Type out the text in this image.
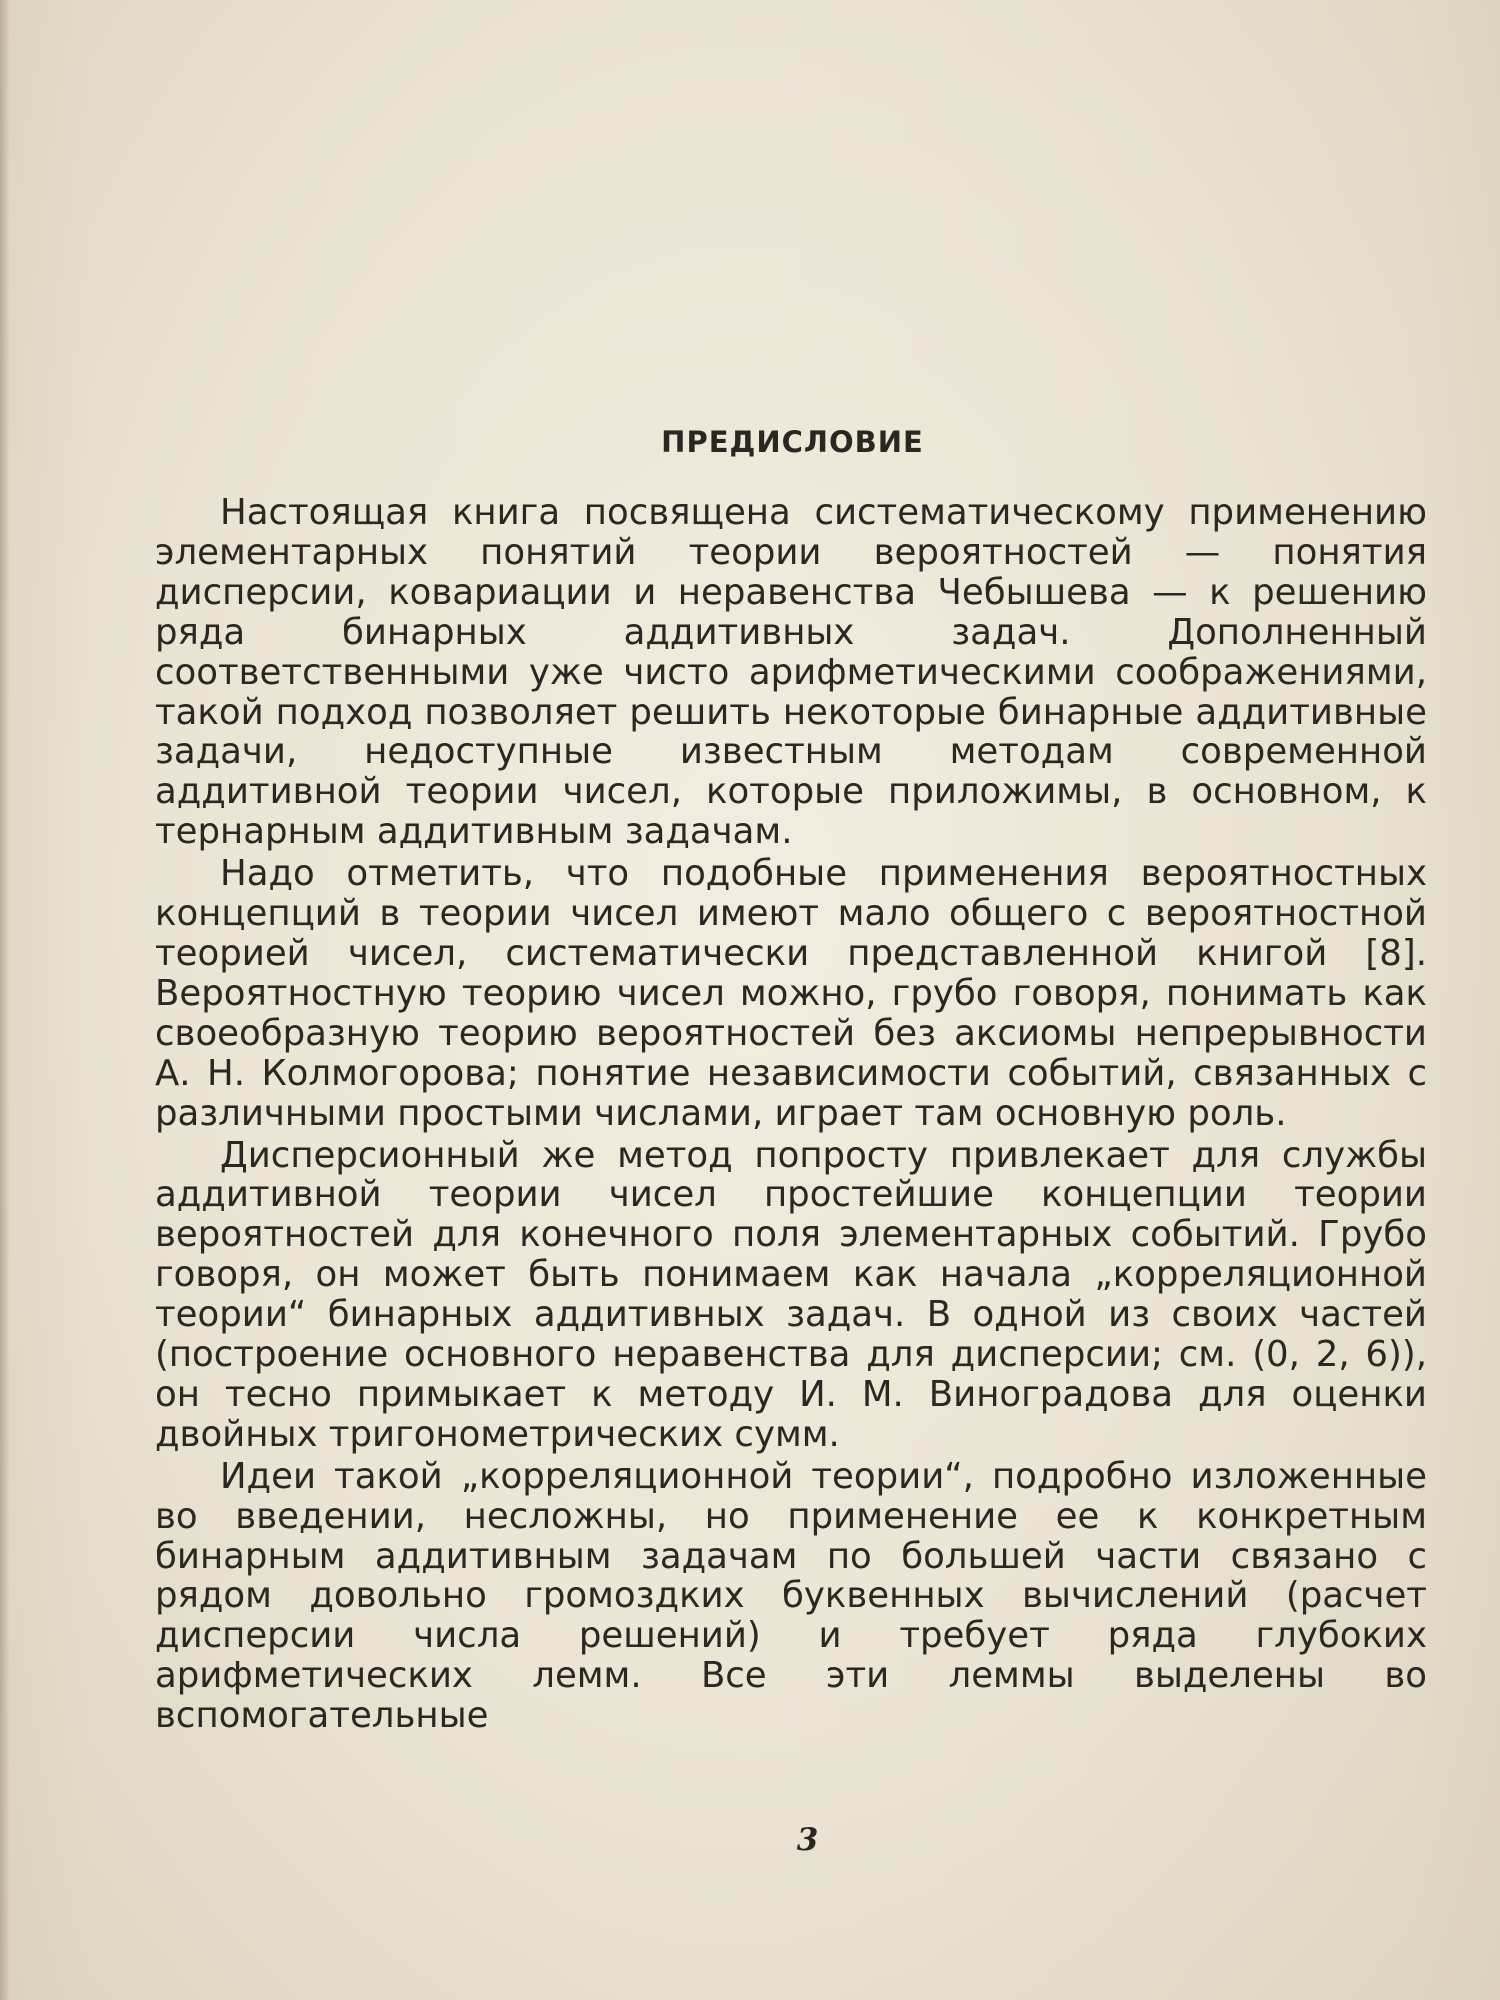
ПРЕДИСЛОВИЕ

Настоящая книга посвящена систематическому применению элементарных понятий теории вероятностей — понятия дисперсии, ковариации и неравенства Чебышева — к решению ряда бинарных аддитивных задач. Дополненный соответственными уже чисто арифметическими соображениями, такой подход позволяет решить некоторые бинарные аддитивные задачи, недоступные известным методам современной аддитивной теории чисел, которые приложимы, в основном, к тернарным аддитивным задачам.

Надо отметить, что подобные применения вероятностных концепций в теории чисел имеют мало общего с вероятностной теорией чисел, систематически представленной книгой [8]. Вероятностную теорию чисел можно, грубо говоря, понимать как своеобразную теорию вероятностей без аксиомы непрерывности А. Н. Колмогорова; понятие независимости событий, связанных с различными простыми числами, играет там основную роль.

Дисперсионный же метод попросту привлекает для службы аддитивной теории чисел простейшие концепции теории вероятностей для конечного поля элементарных событий. Грубо говоря, он может быть понимаем как начала „корреляционной теории“ бинарных аддитивных задач. В одной из своих частей (построение основного неравенства для дисперсии; см. (0, 2, 6)), он тесно примыкает к методу И. М. Виноградова для оценки двойных тригонометрических сумм.

Идеи такой „корреляционной теории“, подробно изложенные во введении, несложны, но применение ее к конкретным бинарным аддитивным задачам по большей части связано с рядом довольно громоздких буквенных вычислений (расчет дисперсии числа решений) и требует ряда глубоких арифметических лемм. Все эти леммы выделены во вспомогательные

3
